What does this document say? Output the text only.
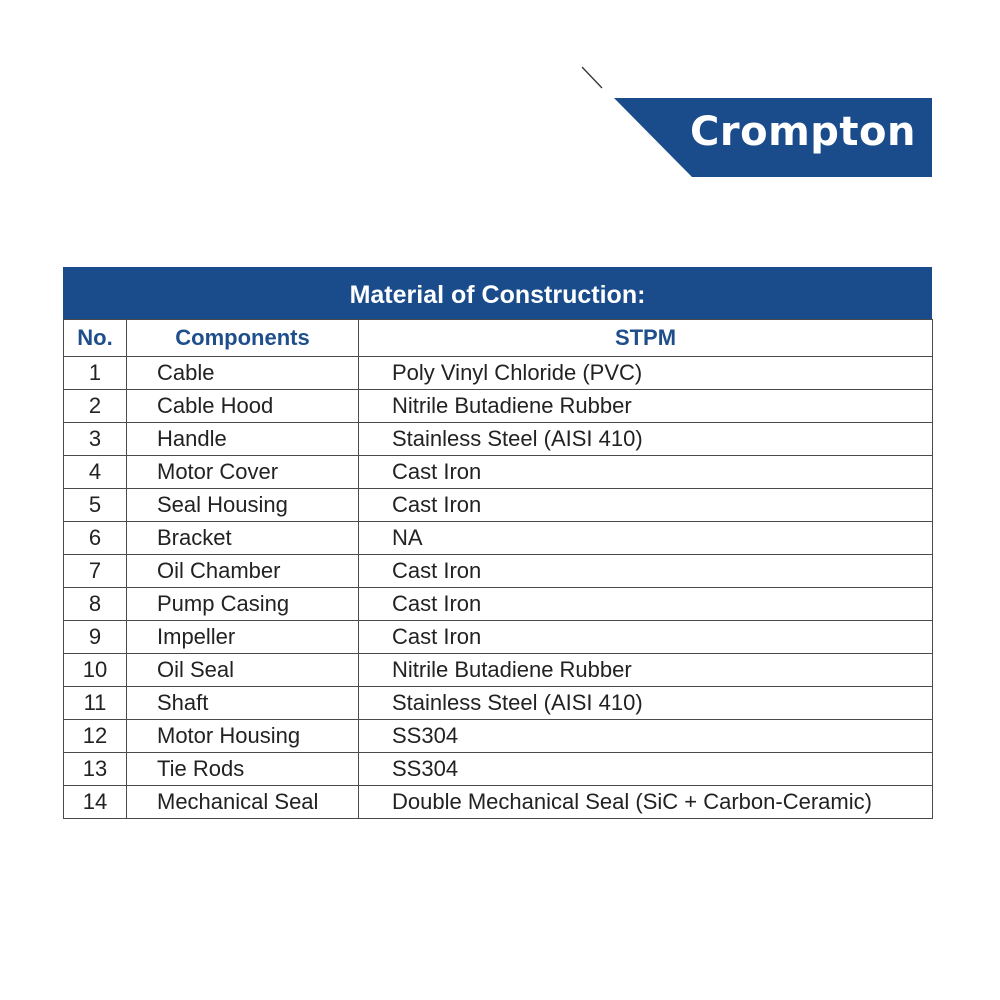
Crompton
Material of Construction:
No.	Components	STPM
1	Cable	Poly Vinyl Chloride (PVC)
2	Cable Hood	Nitrile Butadiene Rubber
3	Handle	Stainless Steel (AISI 410)
4	Motor Cover	Cast Iron
5	Seal Housing	Cast Iron
6	Bracket	NA
7	Oil Chamber	Cast Iron
8	Pump Casing	Cast Iron
9	Impeller	Cast Iron
10	Oil Seal	Nitrile Butadiene Rubber
11	Shaft	Stainless Steel (AISI 410)
12	Motor Housing	SS304
13	Tie Rods	SS304
14	Mechanical Seal	Double Mechanical Seal (SiC + Carbon-Ceramic)
